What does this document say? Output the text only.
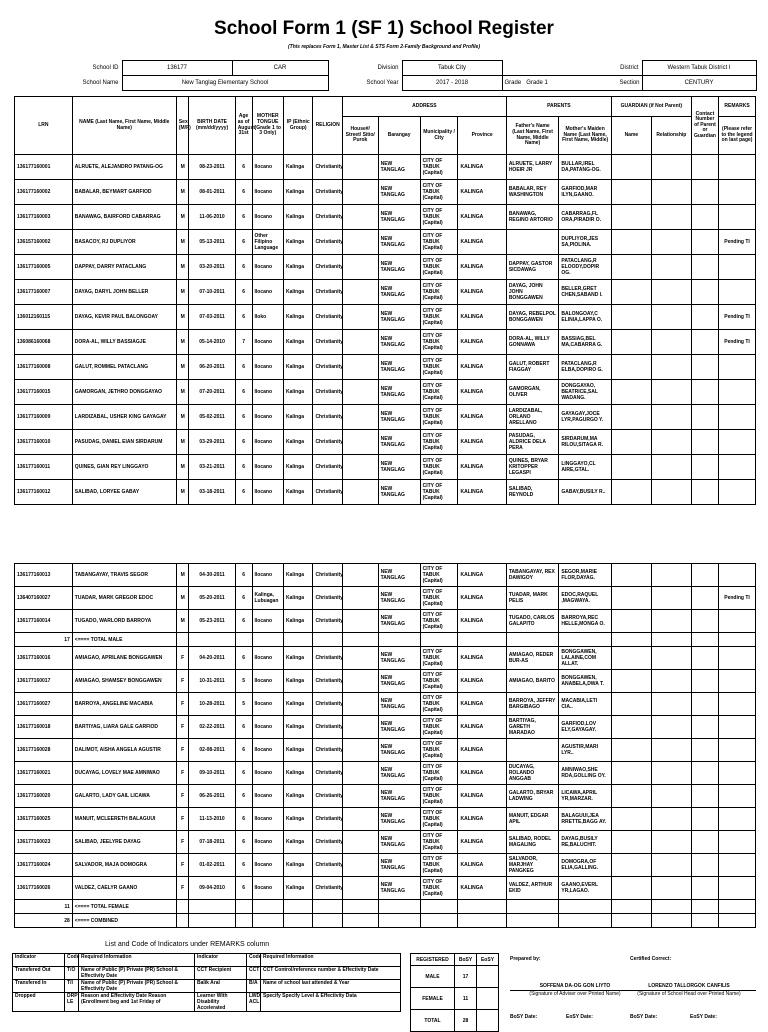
School Form 1 (SF 1) School Register
(This replaces Form 1, Master List & STS Form 2-Family Background and Profile)
School ID	136177	CAR	Division	Tabuk City	District	Western Tabuk District I
School Name	New Tanglag Elementary School		School Year	2017 - 2018	Grade Grade 1 Section	CENTURY
LRN	NAME (Last Name, First Name, Middle Name)	Sex (M/F)	BIRTH DATE (mm/dd/yyyy)	Age as of August 31st	MOTHER TONGUE (Grade 1 to 3 Only)	IP (Ethnic Group)	RELIGION	ADDRESS				PARENTS		GUARDIAN (if Not Parent)		Contact Number of Parent or Guardian	REMARKS
								House#/ Street/ Sitio/ Purok	Barangay	Municipality / City	Province	Father's Name (Last Name, First Name, Middle Name)	Mother's Maiden Name (Last Name, First Name, Middle)	Name	Relationship		(Please refer to the legend on last page)
136177160001	ALRUETE, ALEJANDRO PATANG-OG	M	08-23-2011	6	Ilocano	Kalinga	Christianity		NEW TANGLAG	CITY OF TABUK (Capital)	KALINGA	ALRUETE, LARRY HOEIR JR	BULLAR,IREL DA,PATANG-OG.				
136177160002	BABALAR, BEYMART GARFIOD	M	08-01-2011	6	Ilocano	Kalinga	Christianity		NEW TANGLAG	CITY OF TABUK (Capital)	KALINGA	BABALAR, REY WASHINGTON	GARFIOD,MAR ILYN,GAANO.				
136177160003	BANAWAG, BAIRFORD CABARRAG	M	11-06-2010	6	Ilocano	Kalinga	Christianity		NEW TANGLAG	CITY OF TABUK (Capital)	KALINGA	BANAWAG, REGINO ARTORIO	CABARRAG,FL ORA,PIRADIR O.				
136157160002	BASACOY, RJ DUPLIYOR	M	05-13-2011	6	Other Filipino Language	Kalinga	Christianity		NEW TANGLAG	CITY OF TABUK (Capital)	KALINGA		DUPLIYOR,JES SA,PIOLINA.				Pending TI
136177160005	DAPPAY, DARRY PATACLANG	M	03-20-2011	6	Ilocano	Kalinga	Christianity		NEW TANGLAG	CITY OF TABUK (Capital)	KALINGA	DAPPAY, GASTOR SICDAWAG	PATACLANG,R ELOODY,DOPIR OG.				
136177160007	DAYAG, DARYL JOHN BELLER	M	07-10-2011	6	Ilocano	Kalinga	Christianity		NEW TANGLAG	CITY OF TABUK (Capital)	KALINGA	DAYAG, JOHN JOHN BONGGAWEN	BELLER,GRET CHEN,SABAND I.				
136012160115	DAYAG, KEVIR PAUL BALONGOAY	M	07-03-2011	6	Iloko	Kalinga	Christianity		NEW TANGLAG	CITY OF TABUK (Capital)	KALINGA	DAYAG, REBELPOL BONGGAWEN	BALONGOAY,C ELINIA,LAPPA O.				Pending TI
136086160068	DORA-AL, WILLY BASSIAGJE	M	05-14-2010	7	Ilocano	Kalinga	Christianity		NEW TANGLAG	CITY OF TABUK (Capital)	KALINGA	DORA-AL, WILLY GONNAWA	BASSIAG,BEL MA,CABARRA G.				Pending TI
136177160008	GALUT, ROMMEL PATACLANG	M	06-20-2011	6	Ilocano	Kalinga	Christianity		NEW TANGLAG	CITY OF TABUK (Capital)	KALINGA	GALUT, ROBERT FIAGGAY	PATACLANG,R ELBA,DOPIRO G.				
136177160015	GAMORGAN, JETHRO DONGGAYAO	M	07-20-2011	6	Ilocano	Kalinga	Christianity		NEW TANGLAG	CITY OF TABUK (Capital)	KALINGA	GAMORGAN, OLIVER	DONGGAYAO, BEATRICE,SAL WADANG.				
136177160009	LARDIZABAL, USHER KING GAYAGAY	M	05-02-2011	6	Ilocano	Kalinga	Christianity		NEW TANGLAG	CITY OF TABUK (Capital)	KALINGA	LARDIZABAL, ORLANO ARELLANO	GAYAGAY,JOCE LYR,PAGURGO Y.				
136177160010	PASUDAG, DANIEL EIAN SIRDARUM	M	03-29-2011	6	Ilocano	Kalinga	Christianity		NEW TANGLAG	CITY OF TABUK (Capital)	KALINGA	PASUDAG, ALDRICE DELA PERA	SIRDARUM,MA RILOU,SITAGA R.				
136177160011	QUINES, GIAN REY LINGGAYO	M	03-21-2011	6	Ilocano	Kalinga	Christianity		NEW TANGLAG	CITY OF TABUK (Capital)	KALINGA	QUINES, BRYAR KRITOPPER LEGASPI	LINGGAYO,CL AIRE,GTAL.				
136177160012	SALIBAD, LORYEE GABAY	M	03-18-2011	6	Ilocano	Kalinga	Christianity		NEW TANGLAG	CITY OF TABUK (Capital)	KALINGA	SALIBAD, REYNOLD	GABAY,BUSILY R..				
136177160013	TABANGAYAY, TRAVIS SEGOR	M	04-30-2011	6	Ilocano	Kalinga	Christianity		NEW TANGLAG	CITY OF TABUK (Capital)	KALINGA	TABANGAYAY, REX DAWIGOY	SEGOR,MARIE FLOR,DAYAG.				
136407160027	TUADAR, MARK GREGOR EDOC	M	05-20-2011	6	Kalinga, Lubuagan	Kalinga	Christianity		NEW TANGLAG	CITY OF TABUK (Capital)	KALINGA	TUADAR, MARK PELIS	EDOC,RAQUEL ,MAGWAYA.				Pending TI
136177160014	TUGADO, WARLORD BARROYA	M	05-23-2011	6	Ilocano	Kalinga	Christianity		NEW TANGLAG	CITY OF TABUK (Capital)	KALINGA	TUGADO, CARLOS GALAPITO	BARROYA,REC HELLE,MONGA O.				
17	<==== TOTAL MALE																
136177160016	AMIAGAO, APRILANE BONGGAWEN	F	04-20-2011	6	Ilocano	Kalinga	Christianity		NEW TANGLAG	CITY OF TABUK (Capital)	KALINGA	AMIAGAO, REDER BUR-AS	BONGGAWEN, LALAINE,COM ALLAT.				
136177160017	AMIAGAO, SHAMSEY BONGGAWEN	F	10-31-2011	5	Ilocano	Kalinga	Christianity		NEW TANGLAG	CITY OF TABUK (Capital)	KALINGA	AMIAGAO, BARITO	BONGGAWEN, ANABELA,DWA T.				
136177160027	BARROYA, ANGELINE MACABIA	F	10-28-2011	5	Ilocano	Kalinga	Christianity		NEW TANGLAG	CITY OF TABUK (Capital)	KALINGA	BARROYA, JEFFRY BARGIBAGO	MACABIA,LETI CIA..				
136177160018	BARTIYAG, LIARA GALE GARFIOD	F	02-22-2011	6	Ilocano	Kalinga	Christianity		NEW TANGLAG	CITY OF TABUK (Capital)	KALINGA	BARTIYAG, GARETH MARADAO	GARFIOD,LOV ELY,GAYAGAY.				
136177160028	DALIMOT, AISHA ANGELA AGUSTIR	F	02-08-2011	6	Ilocano	Kalinga	Christianity		NEW TANGLAG	CITY OF TABUK (Capital)	KALINGA		AGUSTIR,MARI LYR..				
136177160021	DUCAYAG, LOVELY MAE AMNIWAO	F	09-10-2011	6	Ilocano	Kalinga	Christianity		NEW TANGLAG	CITY OF TABUK (Capital)	KALINGA	DUCAYAG, ROLANDO ANGGAB	AMNIWAO,SHE RDA,GOLLING OY.				
136177160020	GALARTO, LADY GAIL LICAWA	F	06-26-2011	6	Ilocano	Kalinga	Christianity		NEW TANGLAG	CITY OF TABUK (Capital)	KALINGA	GALARTO, BRYAR LADWING	LICAWA,APRIL YR,MARZAR.				
136177160025	MANUIT, MCLEERETH BALAGUUI	F	11-13-2010	6	Ilocano	Kalinga	Christianity		NEW TANGLAG	CITY OF TABUK (Capital)	KALINGA	MANUIT, EDGAR APIL	BALAGUUI,JEA RRETTE,BAGG AY.				
136177160023	SALIBAD, JEELYRE DAYAG	F	07-18-2011	6	Ilocano	Kalinga	Christianity		NEW TANGLAG	CITY OF TABUK (Capital)	KALINGA	SALIBAD, RODEL MAGALING	DAYAG,BUSILY RE,BALUCHIT.				
136177160024	SALVADOR, MAJA DOMOGRA	F	01-02-2011	6	Ilocano	Kalinga	Christianity		NEW TANGLAG	CITY OF TABUK (Capital)	KALINGA	SALVADOR, MARJHAY PANGKEG	DOMOGRA,OF ELIA,GALLING.				
136177160026	VALDEZ, CAELYR GAANO	F	09-04-2010	6	Ilocano	Kalinga	Christianity		NEW TANGLAG	CITY OF TABUK (Capital)	KALINGA	VALDEZ, ARTHUR EKID	GAANO,EVERL YR,LAGAO.				
11	<==== TOTAL FEMALE																
28	<==== COMBINED																
List and Code of Indicators under REMARKS column
Indicator	Code	Required Information	Indicator	Code	Required Information
Transfered Out	T/O	Name of Public (P) Private (PR) School & Effectivity Date	CCT Recipient	CCT	CCT Control/reference number & Effectivity Date
Transfered In	T/I	Name of Public (P) Private (PR) School & Effectivity Date	Balik Aral	B/A	Name of school last attended & Year
Dropped	DRP LE	Reason and Effectivity Date Reason (Enrollment beg and 1st Friday of	Learner With Disability Accelerated	LWD ACL	Specify Specify Level & Effectivity Data
REGISTERED	BoSY	EoSY
MALE	17	
FEMALE	11	
TOTAL	28	
Prepared by:	Certified Correct:
SOFFENA DA-OG GON LIYTO
(Signature of Adviser over Printed Name)
LORENZO TALLORGOK CANFILIS
(Signature of School Head over Printed Name)
BoSY Date:	EoSY Date:	BoSY Date:	EoSY Date:
